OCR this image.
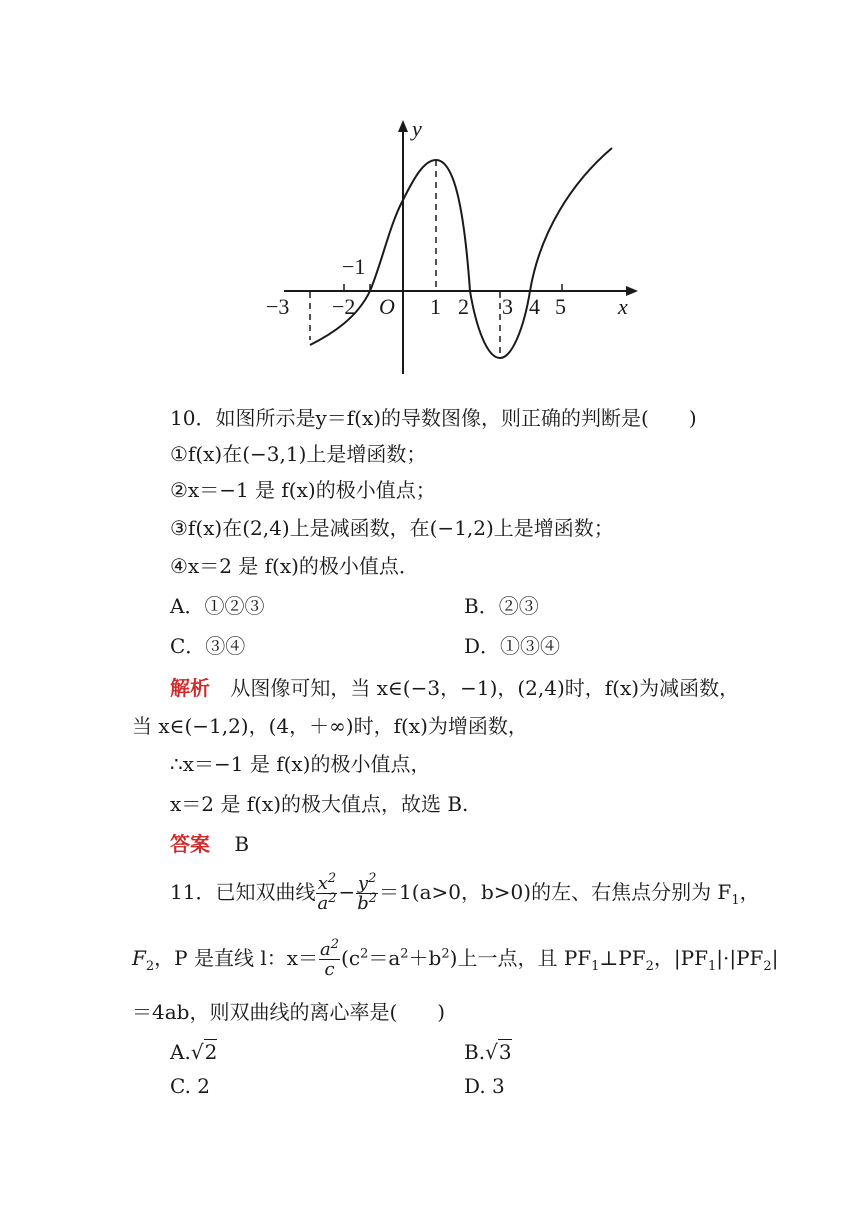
y
x
O
−3 −2	1 2 3 4 5
−1
10．如图所示是y＝f(x)的导数图像，则正确的判断是(　　)
①f(x)在(−3,1)上是增函数；
②x＝−1 是 f(x)的极小值点；
③f(x)在(2,4)上是减函数，在(−1,2)上是增函数；
④x＝2 是 f(x)的极小值点．
A．①②③	B．②③
C．③④	D．①③④
解析 从图像可知，当 x∈(−3，−1)，(2,4)时，f(x)为减函数，
当 x∈(−1,2)，(4，＋∞)时，f(x)为增函数，
∴x＝−1 是 f(x)的极小值点，
x＝2 是 f(x)的极大值点，故选 B.
答案 B
11．已知双曲线 $\frac{x^2}{a^2} - \frac{y^2}{b^2} =1(a>0$，b>0)的左、右焦点分别为 $F_1$，
$F_2$，P 是直线 l：$x= \frac{a^2}{c} (c^2=a^2+b^2)$上一点，且 $PF_1\perp PF_2$，$|PF_1|\cdot|PF_2|$
＝4ab，则双曲线的离心率是(　　)
A.√2	B.√3
C. 2	D. 3
